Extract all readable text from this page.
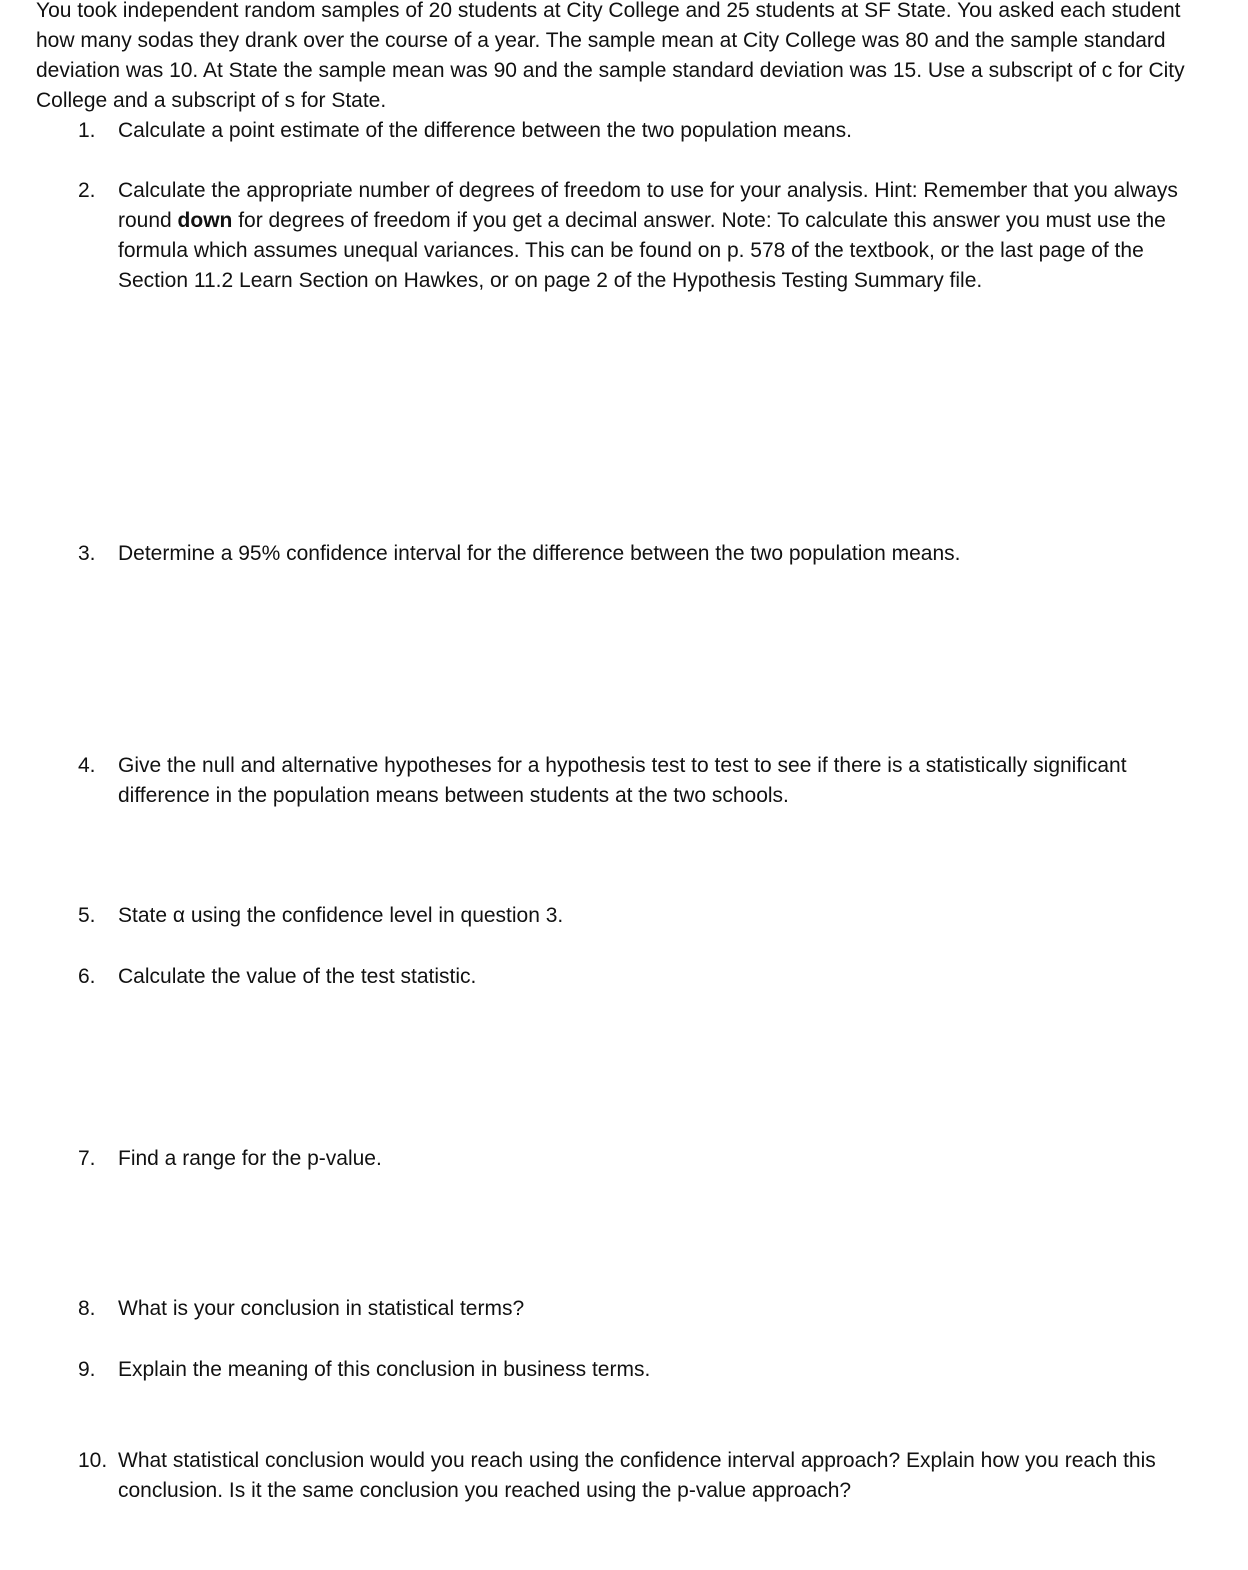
You took independent random samples of 20 students at City College and 25 students at SF State. You asked each student how many sodas they drank over the course of a year. The sample mean at City College was 80 and the sample standard deviation was 10. At State the sample mean was 90 and the sample standard deviation was 15. Use a subscript of c for City College and a subscript of s for State.

1.	Calculate a point estimate of the difference between the two population means.
2.	Calculate the appropriate number of degrees of freedom to use for your analysis. Hint: Remember that you always round down for degrees of freedom if you get a decimal answer. Note: To calculate this answer you must use the formula which assumes unequal variances. This can be found on p. 578 of the textbook, or the last page of the Section 11.2 Learn Section on Hawkes, or on page 2 of the Hypothesis Testing Summary file.
3.	Determine a 95% confidence interval for the difference between the two population means.
4.	Give the null and alternative hypotheses for a hypothesis test to test to see if there is a statistically significant difference in the population means between students at the two schools.
5.	State α using the confidence level in question 3.
6.	Calculate the value of the test statistic.
7.	Find a range for the p-value.
8.	What is your conclusion in statistical terms?
9.	Explain the meaning of this conclusion in business terms.
10. What statistical conclusion would you reach using the confidence interval approach? Explain how you reach this conclusion. Is it the same conclusion you reached using the p-value approach?
